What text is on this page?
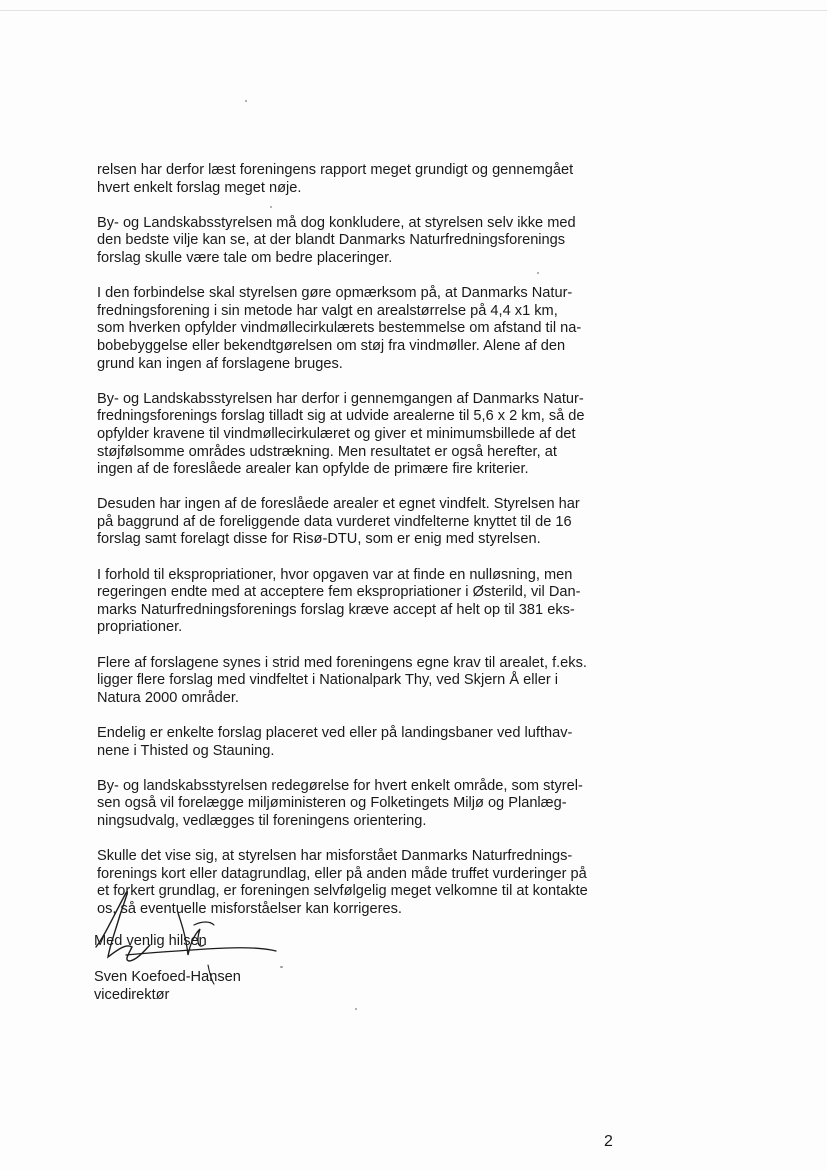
relsen har derfor læst foreningens rapport meget grundigt og gennemgået
hvert enkelt forslag meget nøje.

By- og Landskabsstyrelsen må dog konkludere, at styrelsen selv ikke med
den bedste vilje kan se, at der blandt Danmarks Naturfredningsforenings
forslag skulle være tale om bedre placeringer.

I den forbindelse skal styrelsen gøre opmærksom på, at Danmarks Natur-
fredningsforening i sin metode har valgt en arealstørrelse på 4,4 x1 km,
som hverken opfylder vindmøllecirkulærets bestemmelse om afstand til na-
bobebyggelse eller bekendtgørelsen om støj fra vindmøller. Alene af den
grund kan ingen af forslagene bruges.

By- og Landskabsstyrelsen har derfor i gennemgangen af Danmarks Natur-
fredningsforenings forslag tilladt sig at udvide arealerne til 5,6 x 2 km, så de
opfylder kravene til vindmøllecirkulæret og giver et minimumsbillede af det
støjfølsomme områdes udstrækning. Men resultatet er også herefter, at
ingen af de foreslåede arealer kan opfylde de primære fire kriterier.

Desuden har ingen af de foreslåede arealer et egnet vindfelt. Styrelsen har
på baggrund af de foreliggende data vurderet vindfelterne knyttet til de 16
forslag samt forelagt disse for Risø-DTU, som er enig med styrelsen.

I forhold til ekspropriationer, hvor opgaven var at finde en nulløsning, men
regeringen endte med at acceptere fem ekspropriationer i Østerild, vil Dan-
marks Naturfredningsforenings forslag kræve accept af helt op til 381 eks-
propriationer.

Flere af forslagene synes i strid med foreningens egne krav til arealet, f.eks.
ligger flere forslag med vindfeltet i Nationalpark Thy, ved Skjern Å eller i
Natura 2000 områder.

Endelig er enkelte forslag placeret ved eller på landingsbaner ved lufthav-
nene i Thisted og Stauning.

By- og landskabsstyrelsen redegørelse for hvert enkelt område, som styrel-
sen også vil forelægge miljøministeren og Folketingets Miljø og Planlæg-
ningsudvalg, vedlægges til foreningens orientering.

Skulle det vise sig, at styrelsen har misforstået Danmarks Naturfrednings-
forenings kort eller datagrundlag, eller på anden måde truffet vurderinger på
et forkert grundlag, er foreningen selvfølgelig meget velkomne til at kontakte
os, så eventuelle misforståelser kan korrigeres.

Med venlig hilsen
Sven Koefoed-Hansen
vicedirektør
2
